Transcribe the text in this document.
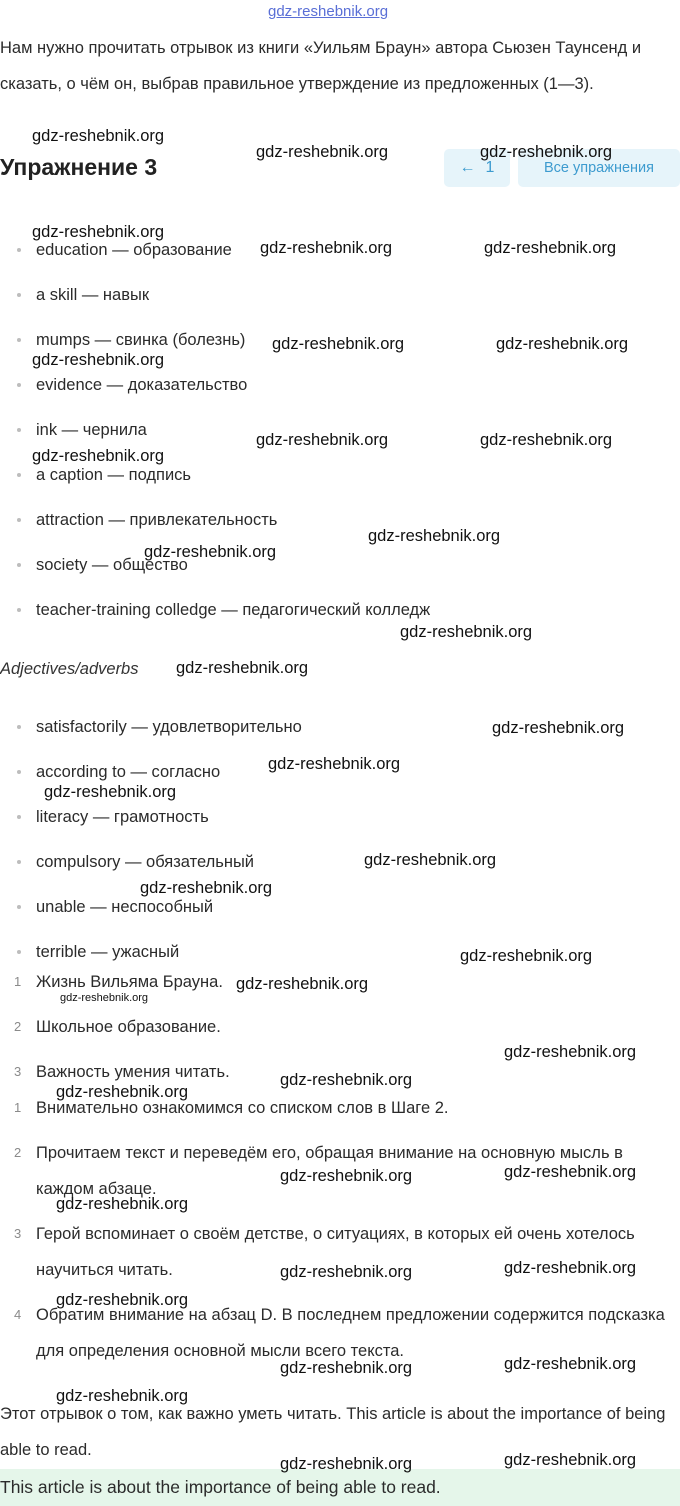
gdz-reshebnik.org
Нам нужно прочитать отрывок из книги «Уильям Браун» автора Сьюзен Таунсенд и сказать, о чём он, выбрав правильное утверждение из предложенных (1—3).
Упражнение 3	← 1	Все упражнения
education — образование
a skill — навык
mumps — свинка (болезнь)
evidence — доказательство
ink — чернила
a caption — подпись
attraction — привлекательность
society — общество
teacher-training colledge — педагогический колледж
Adjectives/adverbs
satisfactorily — удовлетворительно
according to — согласно
literacy — грамотность
compulsory — обязательный
unable — неспособный
terrible — ужасный
1 Жизнь Вильяма Брауна.
2 Школьное образование.
3 Важность умения читать.
1 Внимательно ознакомимся со списком слов в Шаге 2.
2 Прочитаем текст и переведём его, обращая внимание на основную мысль в каждом абзаце.
3 Герой вспоминает о своём детстве, о ситуациях, в которых ей очень хотелось научиться читать.
4 Обратим внимание на абзац D. В последнем предложении содержится подсказка для определения основной мысли всего текста.
Этот отрывок о том, как важно уметь читать. This article is about the importance of being able to read.
This article is about the importance of being able to read.
gdz-reshebnik.org
gdz-reshebnik.org	gdz-reshebnik.org
gdz-reshebnik.org
gdz-reshebnik.org	gdz-reshebnik.org
gdz-reshebnik.org	gdz-reshebnik.org
gdz-reshebnik.org
gdz-reshebnik.org	gdz-reshebnik.org
gdz-reshebnik.org
gdz-reshebnik.org
gdz-reshebnik.org
gdz-reshebnik.org
gdz-reshebnik.org
gdz-reshebnik.org
gdz-reshebnik.org
gdz-reshebnik.org
gdz-reshebnik.org
gdz-reshebnik.org
gdz-reshebnik.org
gdz-reshebnik.org
gdz-reshebnik.org
gdz-reshebnik.org
gdz-reshebnik.org
gdz-reshebnik.org
gdz-reshebnik.org
gdz-reshebnik.org
gdz-reshebnik.org
gdz-reshebnik.org
gdz-reshebnik.org
gdz-reshebnik.org
gdz-reshebnik.org
gdz-reshebnik.org
gdz-reshebnik.org
gdz-reshebnik.org
gdz-reshebnik.org
